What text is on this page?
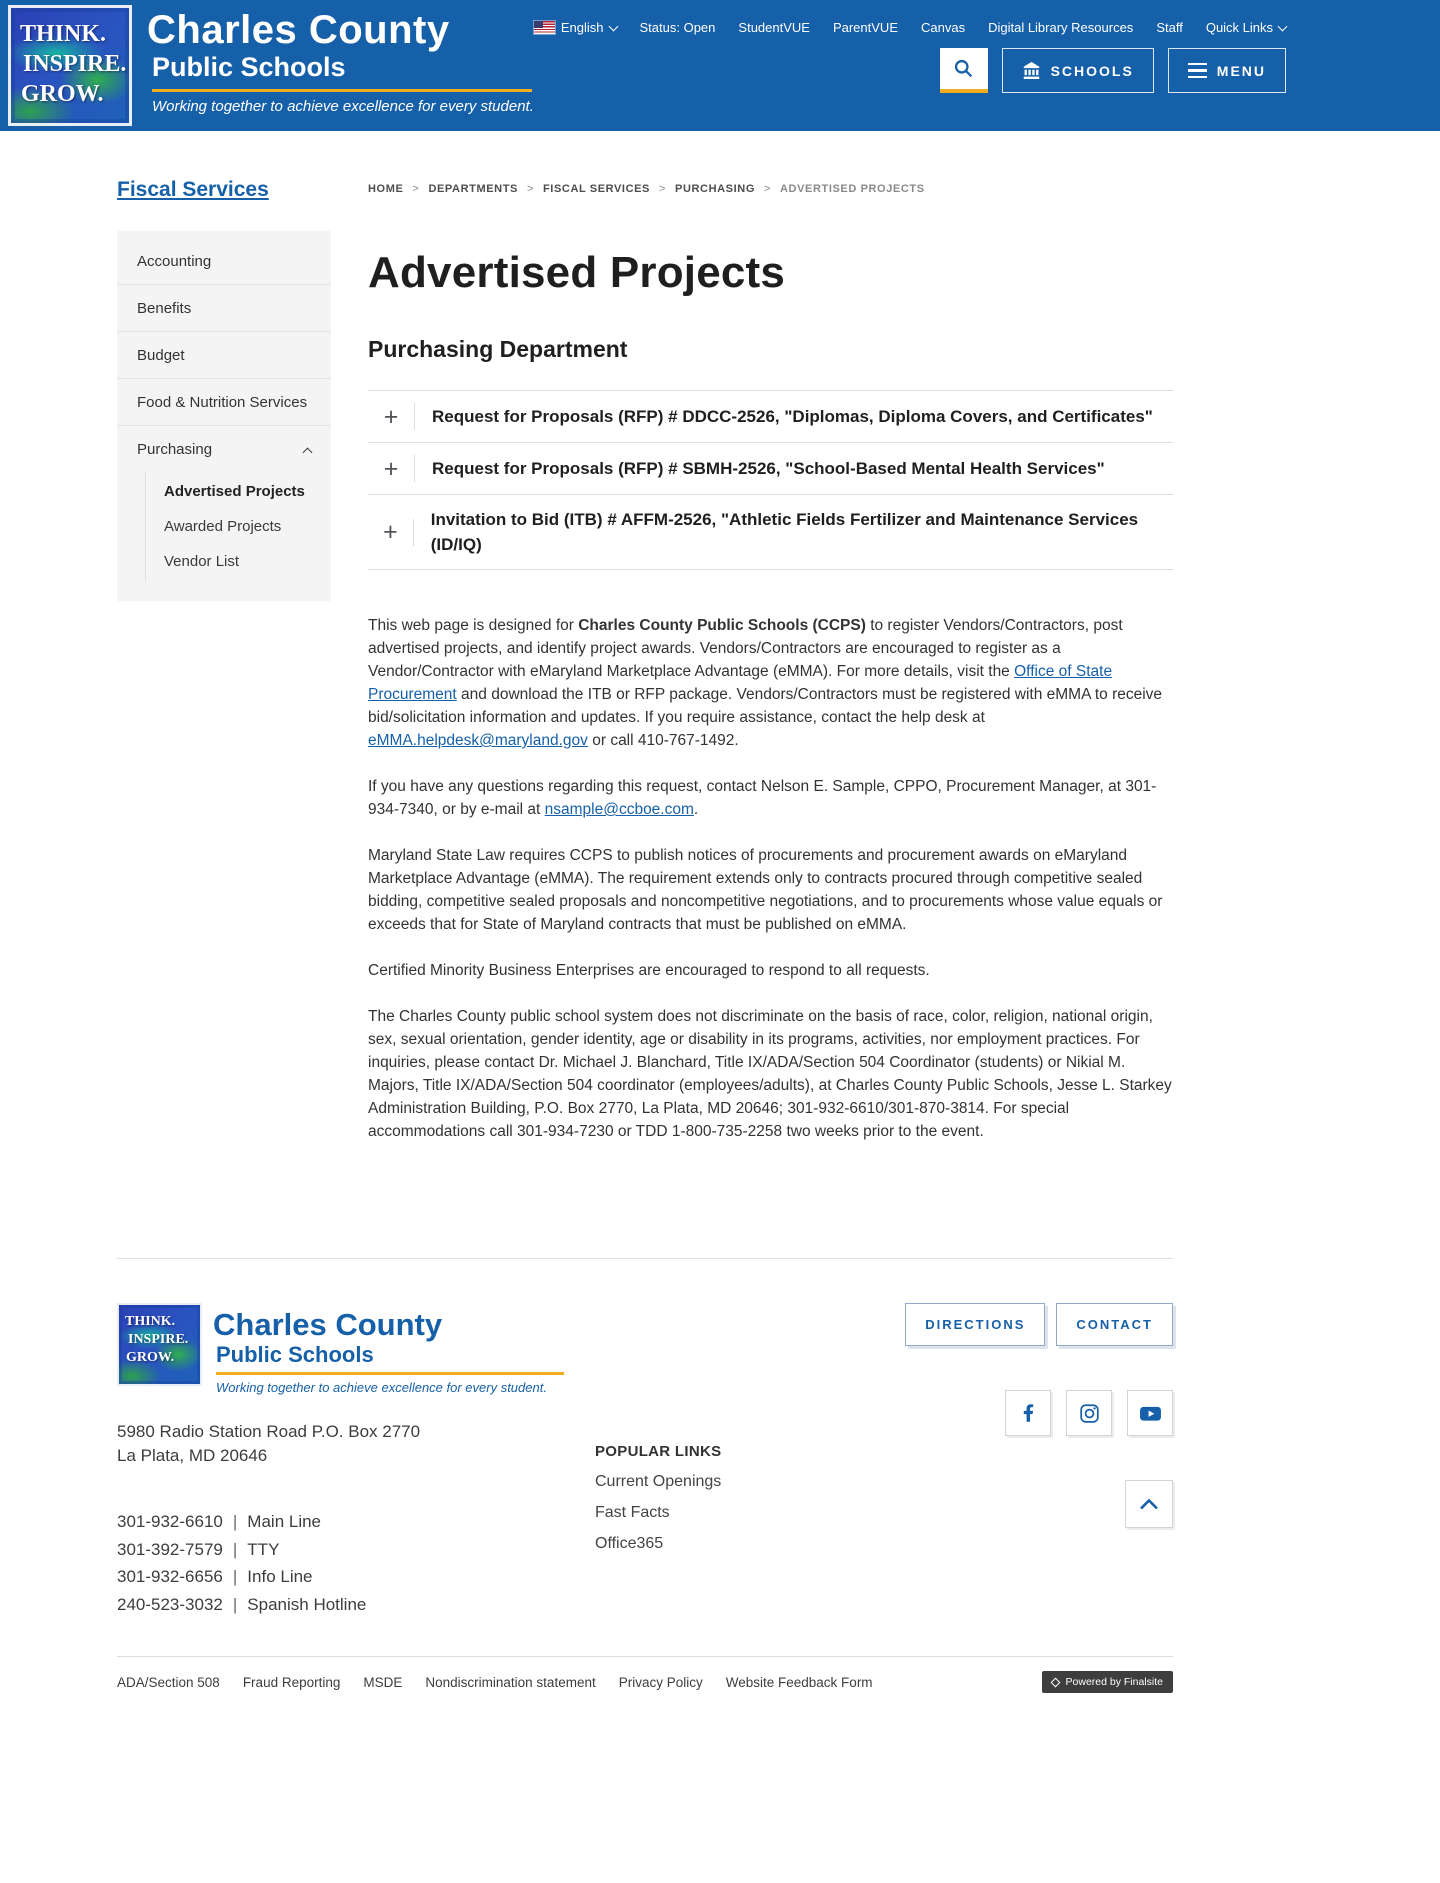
THINK.
INSPIRE.
GROW.
Charles County
Public Schools
Working together to achieve excellence for every student.
English	Status: Open StudentVUE ParentVUE Canvas Digital Library Resources Staff Quick Links
SCHOOLS	MENU
Fiscal Services
Accounting
Benefits
Budget
Food & Nutrition Services
Purchasing
Advertised Projects
Awarded Projects
Vendor List
HOME > DEPARTMENTS > FISCAL SERVICES > PURCHASING > ADVERTISED PROJECTS
Advertised Projects
Purchasing Department
+	Request for Proposals (RFP) # DDCC-2526, "Diplomas, Diploma Covers, and Certificates"
+	Request for Proposals (RFP) # SBMH-2526, "School-Based Mental Health Services"
+	Invitation to Bid (ITB) # AFFM-2526, "Athletic Fields Fertilizer and Maintenance Services (ID/IQ)

This web page is designed for Charles County Public Schools (CCPS) to register Vendors/Contractors, post advertised projects, and identify project awards. Vendors/Contractors are encouraged to register as a Vendor/Contractor with eMaryland Marketplace Advantage (eMMA). For more details, visit the Office of State Procurement and download the ITB or RFP package. Vendors/Contractors must be registered with eMMA to receive bid/solicitation information and updates. If you require assistance, contact the help desk at eMMA.helpdesk@maryland.gov or call 410-767-1492.

If you have any questions regarding this request, contact Nelson E. Sample, CPPO, Procurement Manager, at 301-934-7340, or by e-mail at nsample@ccboe.com.

Maryland State Law requires CCPS to publish notices of procurements and procurement awards on eMaryland Marketplace Advantage (eMMA). The requirement extends only to contracts procured through competitive sealed bidding, competitive sealed proposals and noncompetitive negotiations, and to procurements whose value equals or exceeds that for State of Maryland contracts that must be published on eMMA.

Certified Minority Business Enterprises are encouraged to respond to all requests.

The Charles County public school system does not discriminate on the basis of race, color, religion, national origin, sex, sexual orientation, gender identity, age or disability in its programs, activities, nor employment practices. For inquiries, please contact Dr. Michael J. Blanchard, Title IX/ADA/Section 504 Coordinator (students) or Nikial M. Majors, Title IX/ADA/Section 504 coordinator (employees/adults), at Charles County Public Schools, Jesse L. Starkey Administration Building, P.O. Box 2770, La Plata, MD 20646; 301-932-6610/301-870-3814. For special accommodations call 301-934-7230 or TDD 1-800-735-2258 two weeks prior to the event.

THINK.
INSPIRE.
GROW.
Charles County
Public Schools
Working together to achieve excellence for every student.
5980 Radio Station Road P.O. Box 2770
La Plata, MD 20646
301-932-6610 | Main Line
301-392-7579 | TTY
301-932-6656 | Info Line
240-523-3032 | Spanish Hotline
POPULAR LINKS
Current Openings
Fast Facts
Office365
DIRECTIONS	CONTACT
ADA/Section 508 Fraud Reporting MSDE Nondiscrimination statement Privacy Policy Website Feedback Form	Powered by Finalsite
